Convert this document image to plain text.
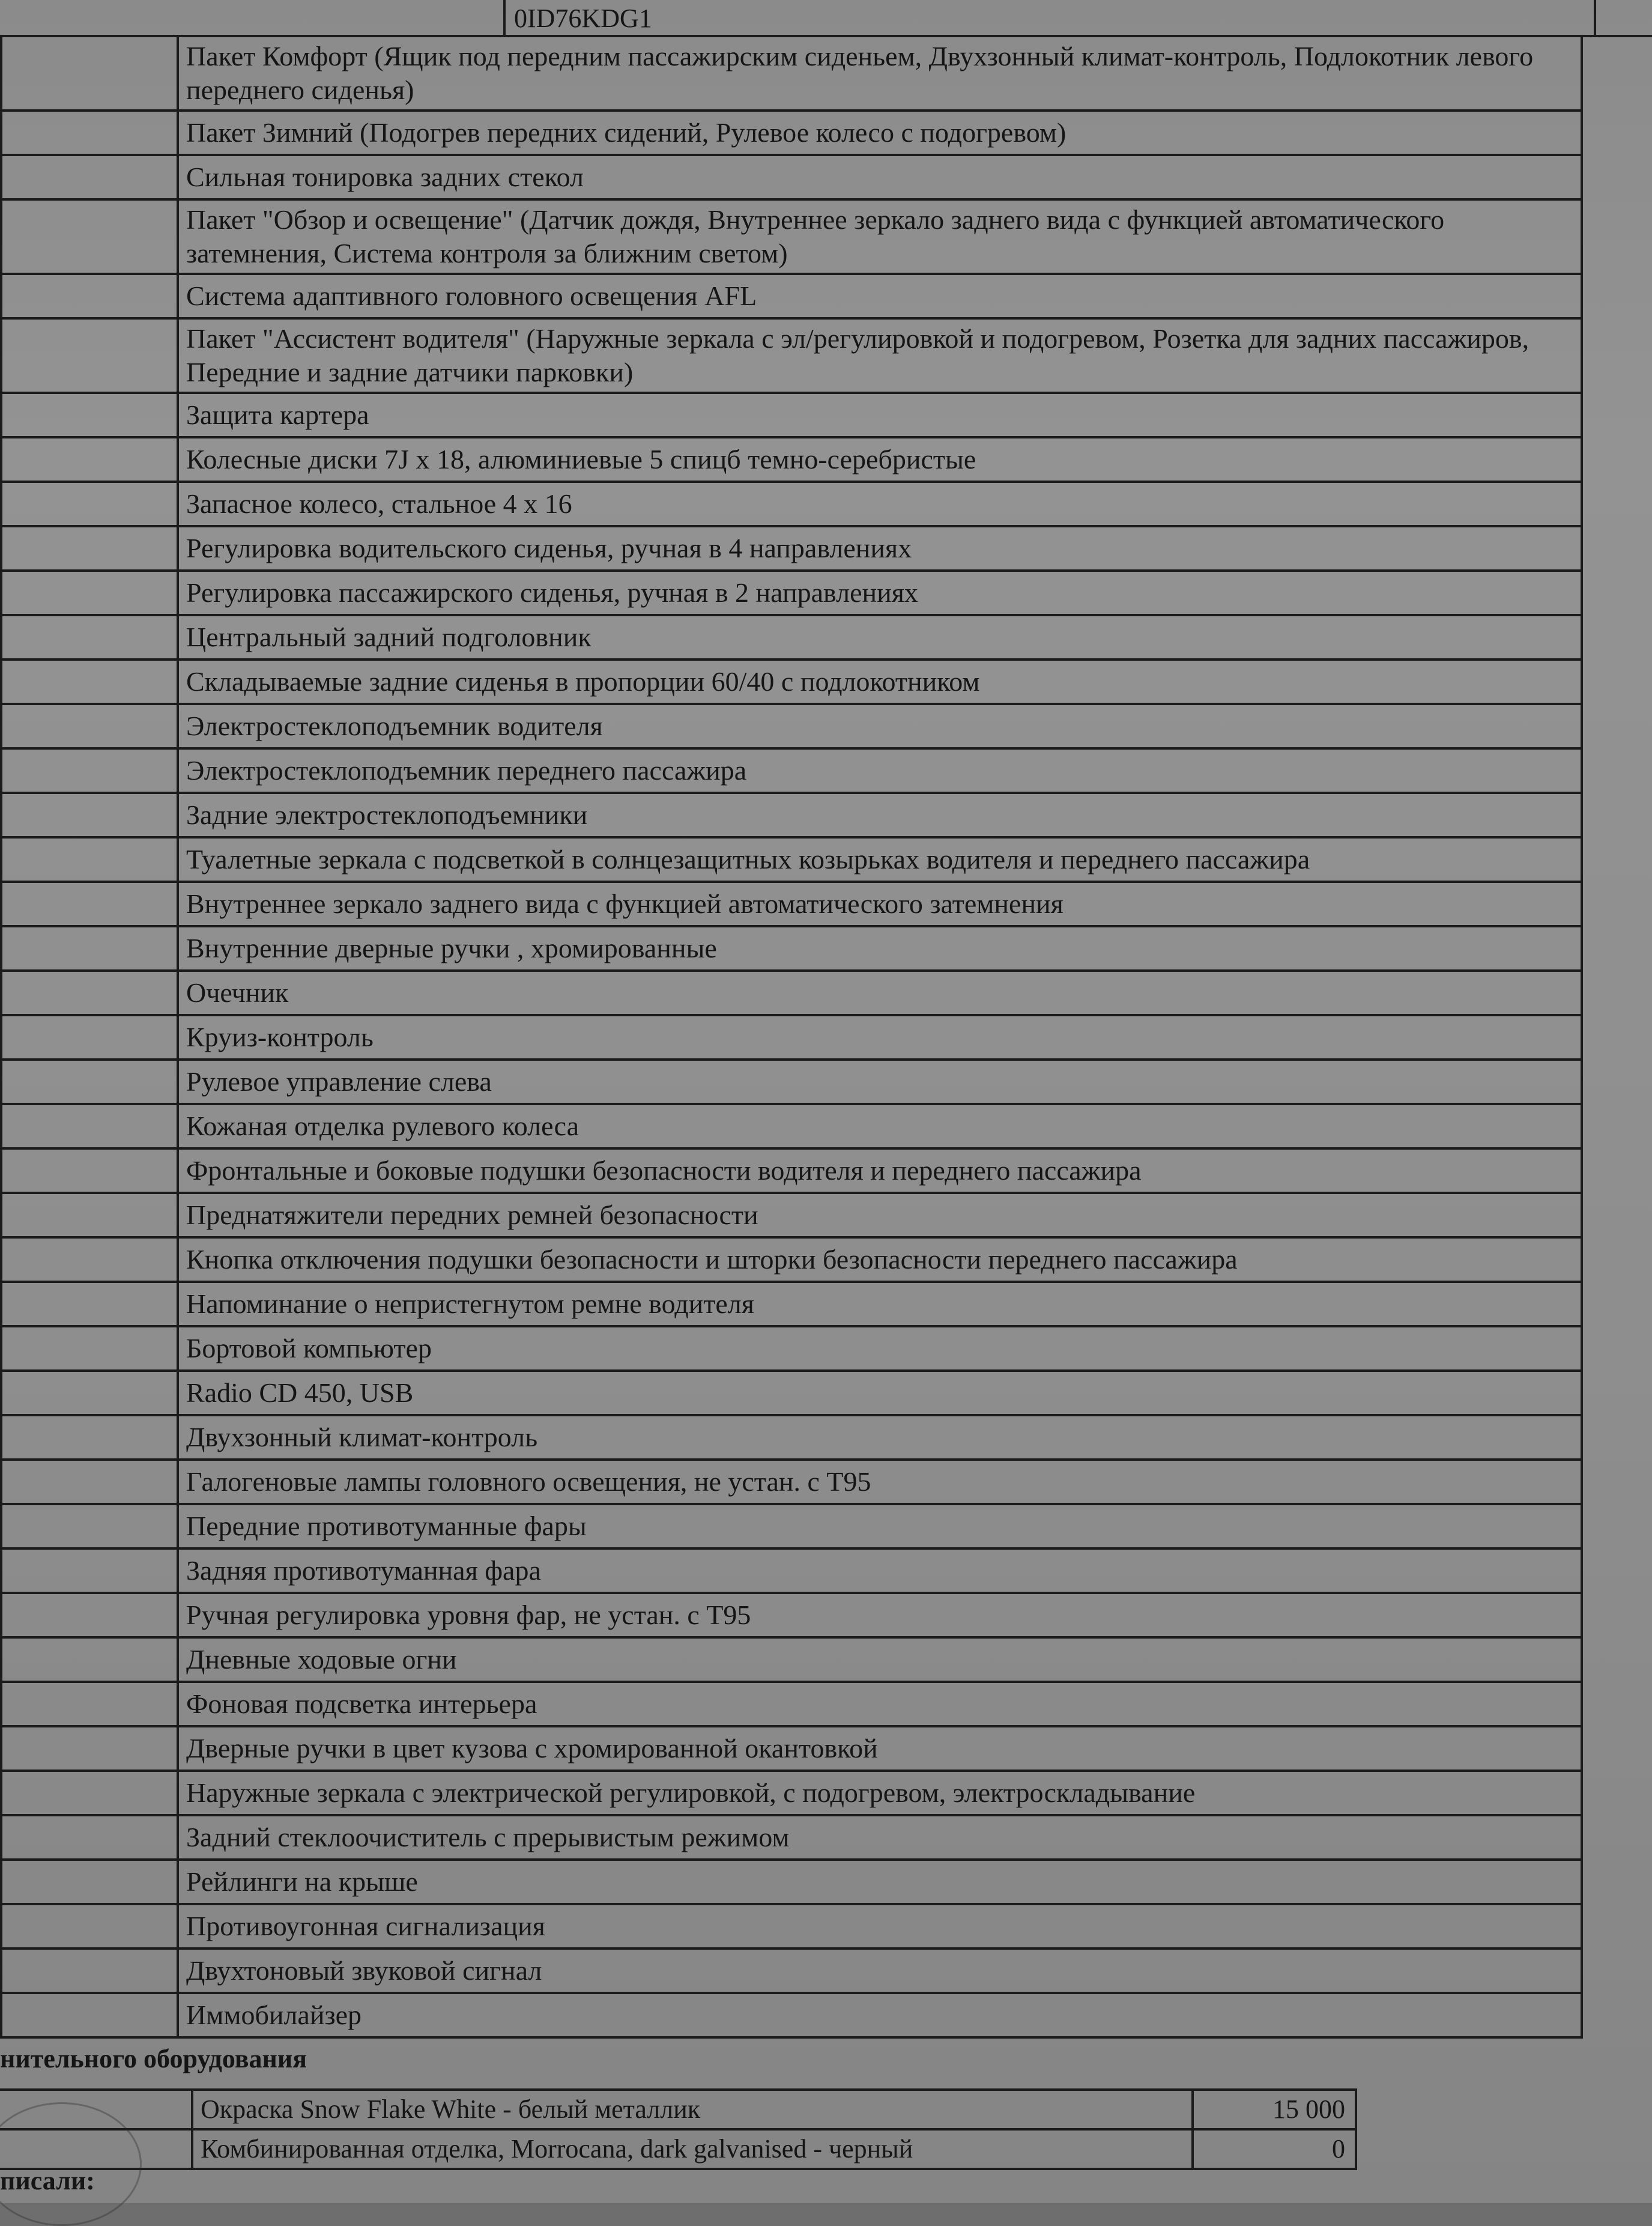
0ID76KDG1
	Пакет Комфорт (Ящик под передним пассажирским сиденьем, Двухзонный климат-контроль, Подлокотник левого переднего сиденья)
	Пакет Зимний (Подогрев передних сидений, Рулевое колесо с подогревом)
	Сильная тонировка задних стекол
	Пакет "Обзор и освещение" (Датчик дождя, Внутреннее зеркало заднего вида с функцией автоматического затемнения, Система контроля за ближним светом)
	Система адаптивного головного освещения AFL
	Пакет "Ассистент водителя" (Наружные зеркала с эл/регулировкой и подогревом, Розетка для задних пассажиров, Передние и задние датчики парковки)
	Защита картера
	Колесные диски 7J x 18, алюминиевые 5 спицб темно-серебристые
	Запасное колесо, стальное 4 x 16
	Регулировка водительского сиденья, ручная в 4 направлениях
	Регулировка пассажирского сиденья, ручная в 2 направлениях
	Центральный задний подголовник
	Складываемые задние сиденья в пропорции 60/40 с подлокотником
	Электростеклоподъемник водителя
	Электростеклоподъемник переднего пассажира
	Задние электростеклоподъемники
	Туалетные зеркала с подсветкой в солнцезащитных козырьках водителя и переднего пассажира
	Внутреннее зеркало заднего вида с функцией автоматического затемнения
	Внутренние дверные ручки , хромированные
	Очечник
	Круиз-контроль
	Рулевое управление слева
	Кожаная отделка рулевого колеса
	Фронтальные и боковые подушки безопасности водителя и переднего пассажира
	Преднатяжители передних ремней безопасности
	Кнопка отключения подушки безопасности и шторки безопасности переднего пассажира
	Напоминание о непристегнутом ремне водителя
	Бортовой компьютер
	Radio CD 450, USB
	Двухзонный климат-контроль
	Галогеновые лампы головного освещения, не устан. с Т95
	Передние противотуманные фары
	Задняя противотуманная фара
	Ручная регулировка уровня фар, не устан. с Т95
	Дневные ходовые огни
	Фоновая подсветка интерьера
	Дверные ручки в цвет кузова с хромированной окантовкой
	Наружные зеркала с электрической регулировкой, с подогревом, электроскладывание
	Задний стеклоочиститель с прерывистым режимом
	Рейлинги на крыше
	Противоугонная сигнализация
	Двухтоновый звуковой сигнал
	Иммобилайзер
нительного оборудования
	Окраска Snow Flake White - белый металлик	15 000
	Комбинированная отделка, Morrocana, dark galvanised - черный	0
писали:
